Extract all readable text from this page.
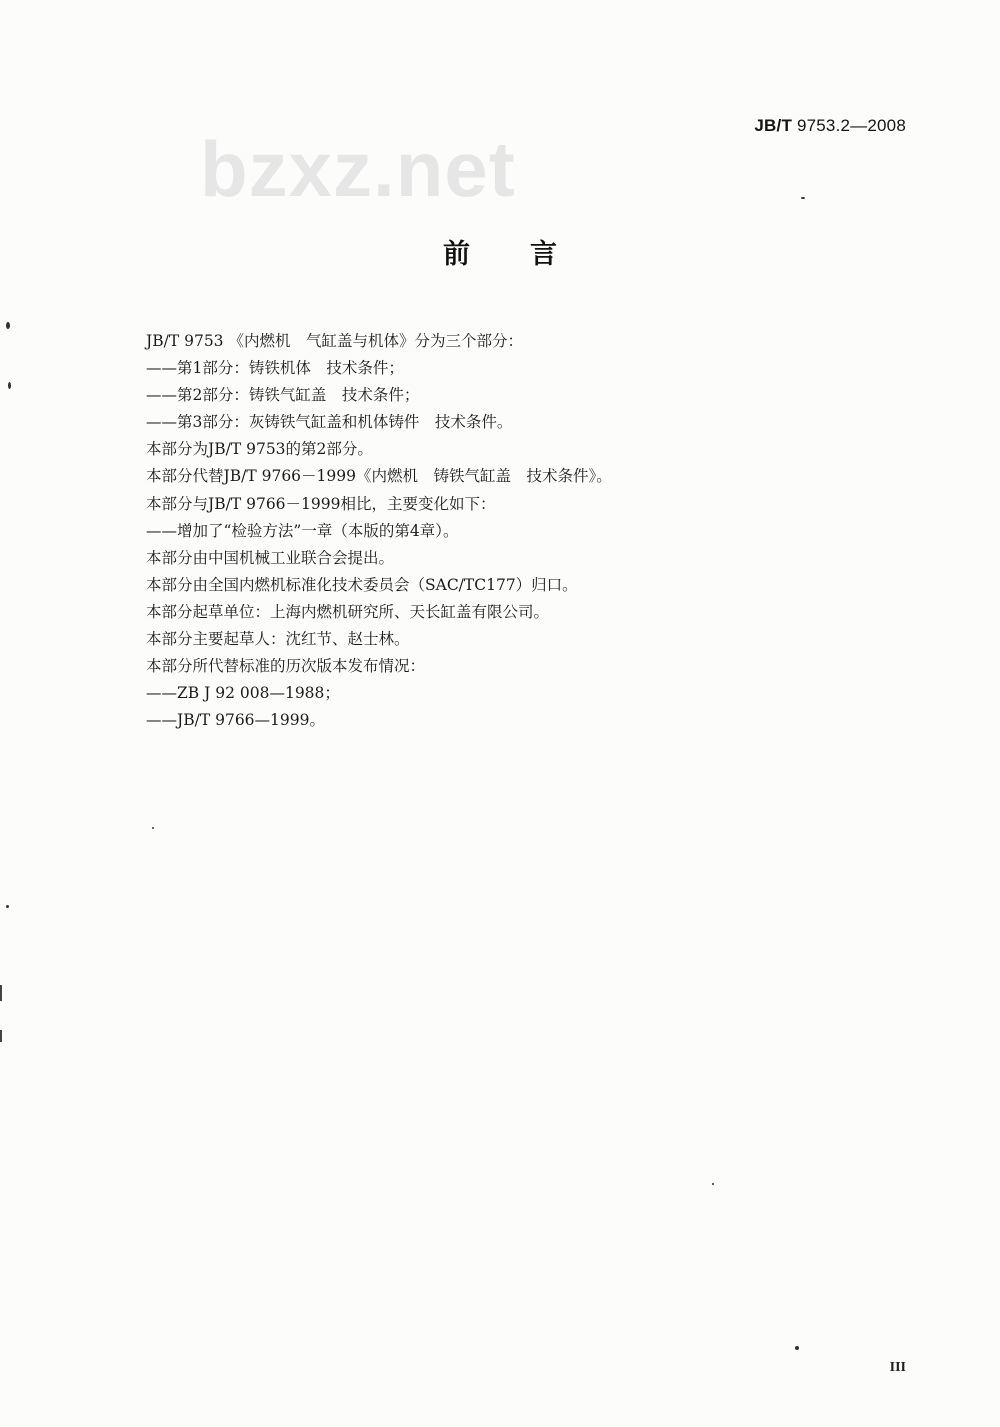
JB/T 9753.2—2008
bzxz.net
前言

JB/T 9753 《内燃机　气缸盖与机体》分为三个部分：

——第1部分：铸铁机体　技术条件；

——第2部分：铸铁气缸盖　技术条件；

——第3部分：灰铸铁气缸盖和机体铸件　技术条件。

本部分为JB/T 9753的第2部分。

本部分代替JB/T 9766－1999《内燃机　铸铁气缸盖　技术条件》。

本部分与JB/T 9766－1999相比，主要变化如下：

——增加了“检验方法”一章（本版的第4章）。

本部分由中国机械工业联合会提出。

本部分由全国内燃机标准化技术委员会（SAC/TC177）归口。

本部分起草单位：上海内燃机研究所、天长缸盖有限公司。

本部分主要起草人：沈红节、赵士林。

本部分所代替标准的历次版本发布情况：

——ZB J 92 008—1988；

——JB/T 9766—1999。

III
